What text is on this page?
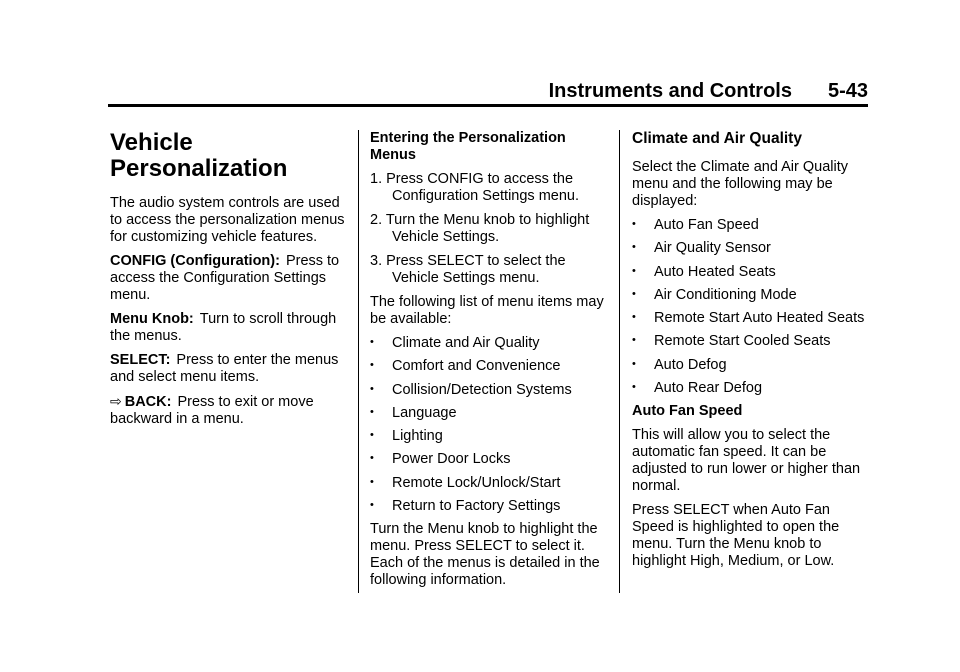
Instruments and Controls 5-43
Vehicle
Personalization

The audio system controls are used to access the personalization menus for customizing vehicle features.

CONFIG (Configuration): Press to access the Configuration Settings menu.

Menu Knob: Turn to scroll through the menus.

SELECT: Press to enter the menus and select menu items.

⇨ BACK: Press to exit or move backward in a menu.

Entering the Personalization Menus

1. Press CONFIG to access the Configuration Settings menu.

2. Turn the Menu knob to highlight Vehicle Settings.

3. Press SELECT to select the Vehicle Settings menu.

The following list of menu items may be available:

• Climate and Air Quality
• Comfort and Convenience
• Collision/Detection Systems
• Language
• Lighting
• Power Door Locks
• Remote Lock/Unlock/Start
• Return to Factory Settings

Turn the Menu knob to highlight the menu. Press SELECT to select it. Each of the menus is detailed in the following information.

Climate and Air Quality

Select the Climate and Air Quality menu and the following may be displayed:

• Auto Fan Speed
• Air Quality Sensor
• Auto Heated Seats
• Air Conditioning Mode
• Remote Start Auto Heated Seats
• Remote Start Cooled Seats
• Auto Defog
• Auto Rear Defog

Auto Fan Speed

This will allow you to select the automatic fan speed. It can be adjusted to run lower or higher than normal.

Press SELECT when Auto Fan Speed is highlighted to open the menu. Turn the Menu knob to highlight High, Medium, or Low.
